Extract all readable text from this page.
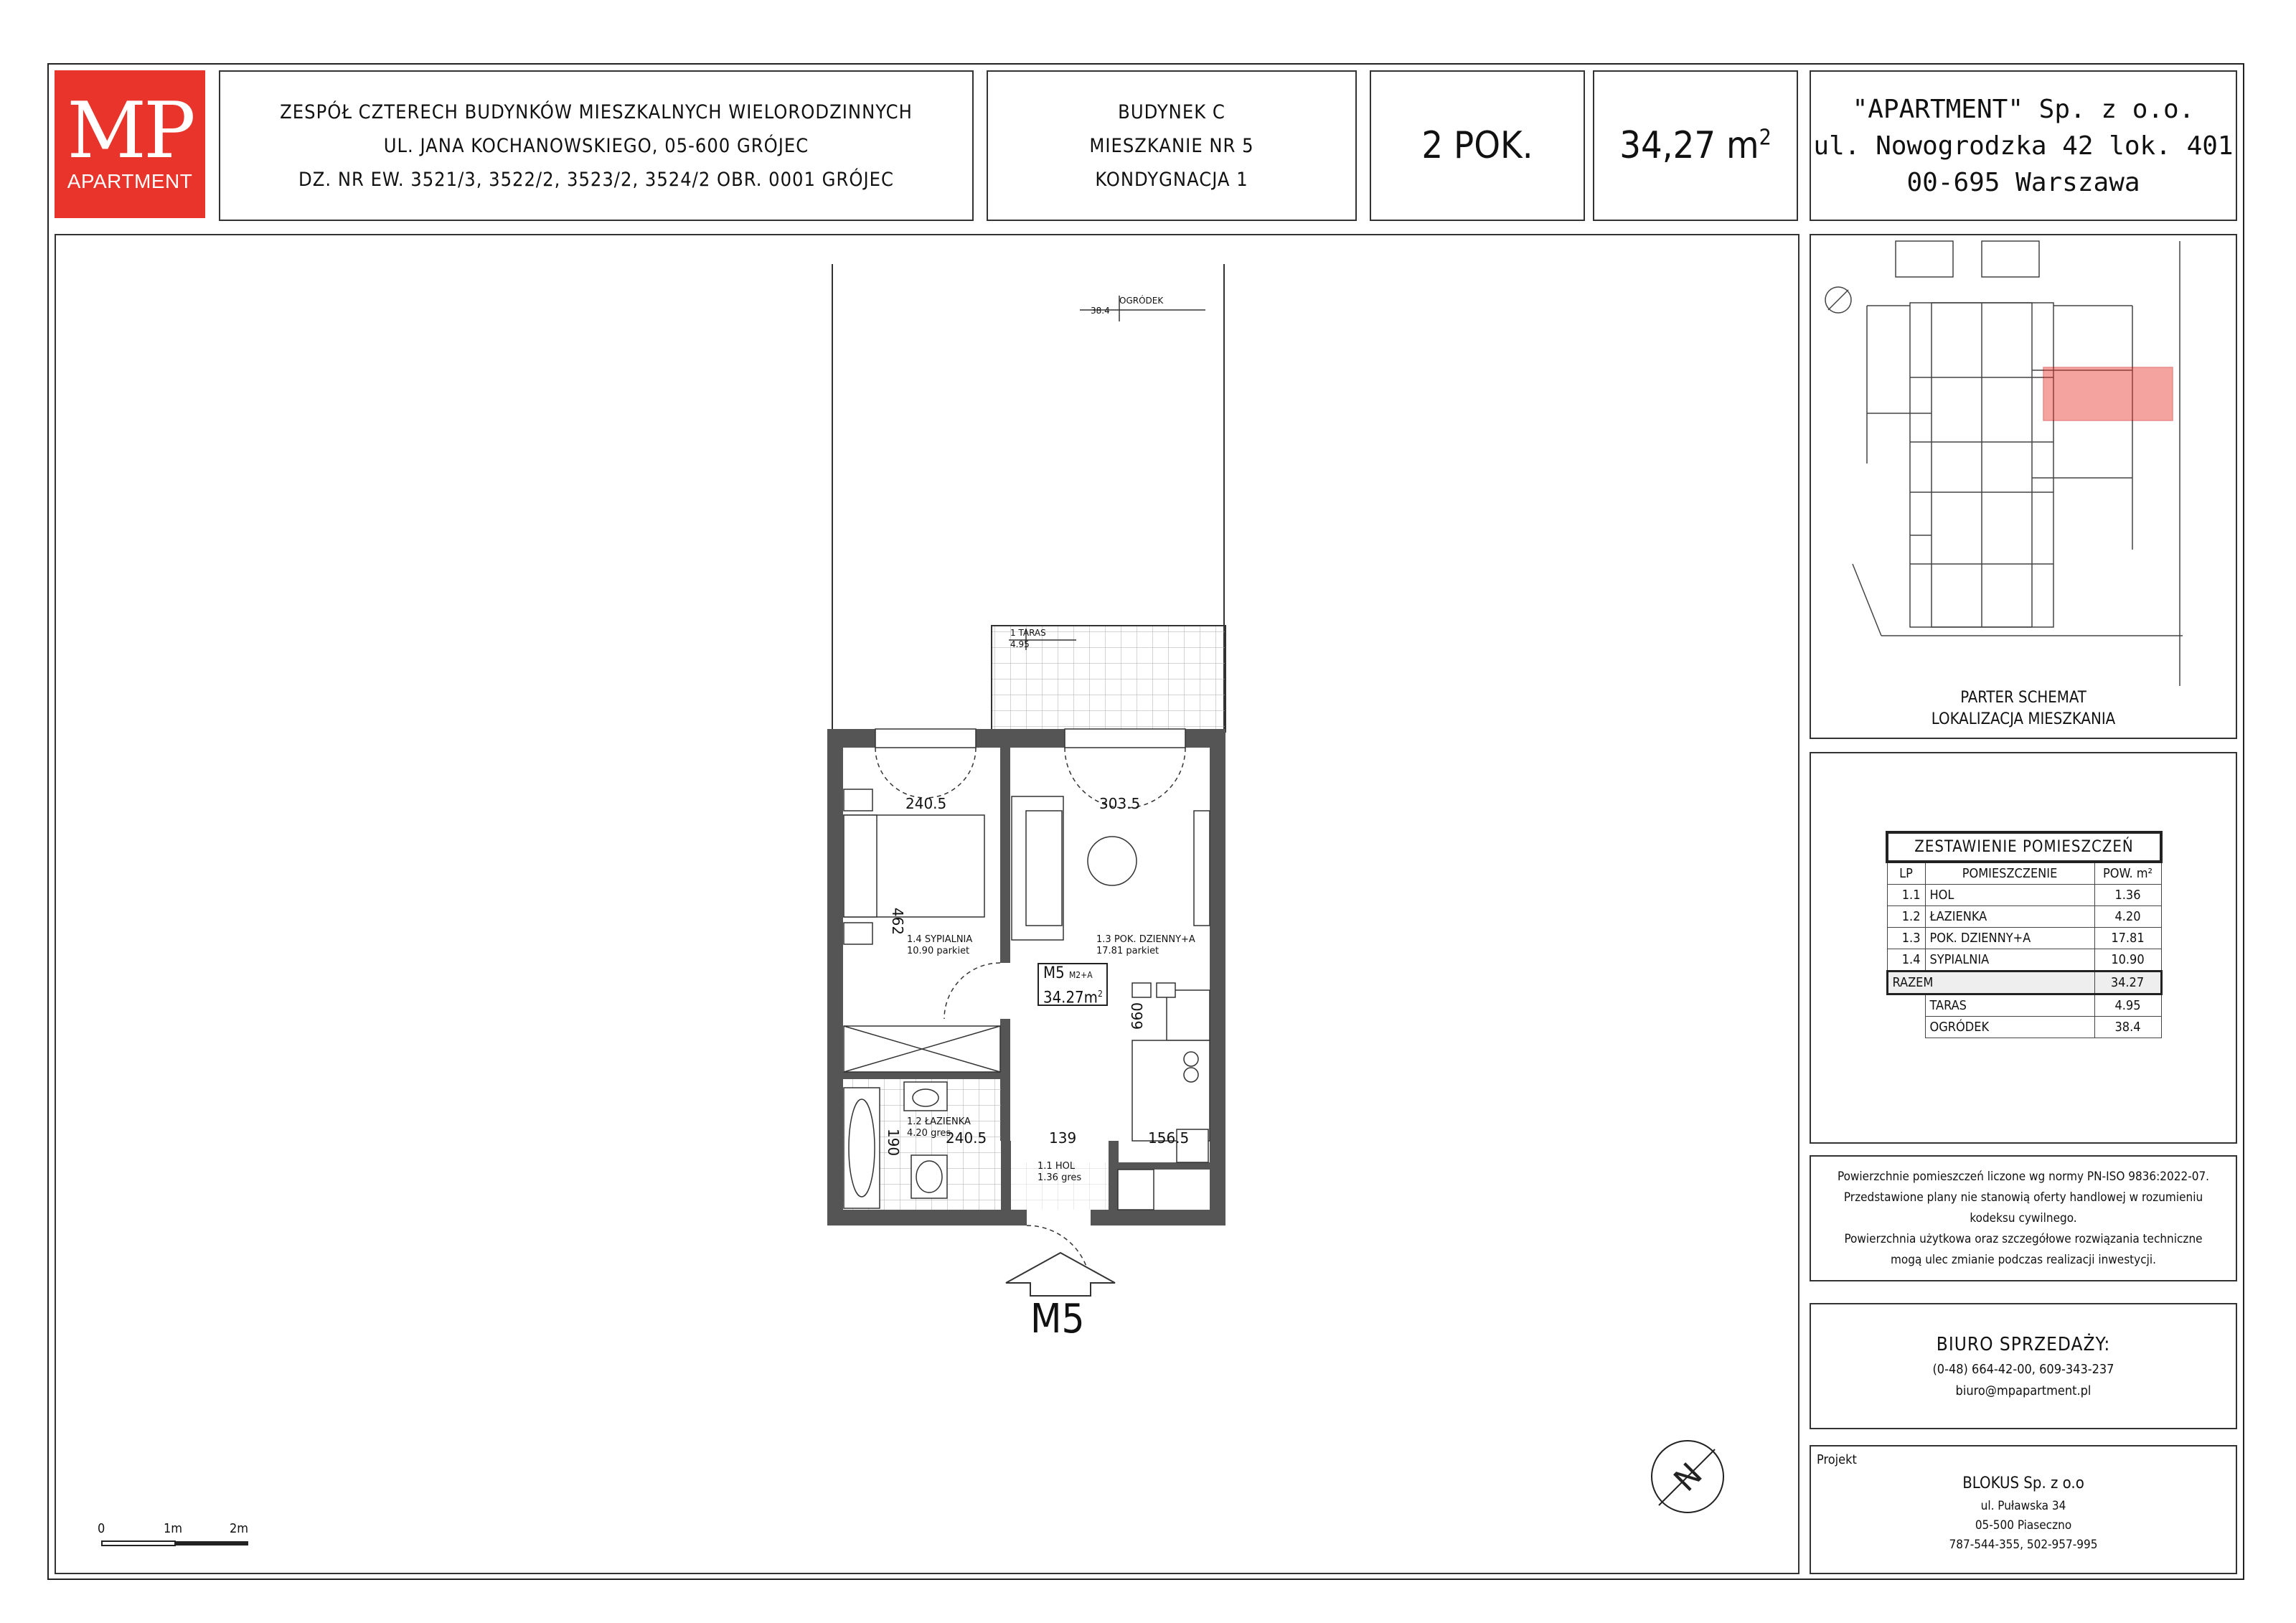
MP
APARTMENT
ZESPÓŁ CZTERECH BUDYNKÓW MIESZKALNYCH WIELORODZINNYCH
UL. JANA KOCHANOWSKIEGO, 05-600 GRÓJEC
DZ. NR EW. 3521/3, 3522/2, 3523/2, 3524/2 OBR. 0001 GRÓJEC
BUDYNEK C
MIESZKANIE NR 5
KONDYGNACJA 1
2 POK. 34,27 $m^2$
"APARTMENT" Sp. z o.o.
ul. Nowogrodzka 42 lok. 401
00-695 Warszawa
N
OGRÓDEK
38.4
1 TARAS
4.95
1.4 SYPIALNIA
10.90 parkiet
1.3 POK. DZIENNY+A
17.81 parkiet
1.2 ŁAZIENKA
4.20 gres
1.1 HOL
1.36 gres
240.5	303.5
462
660
190	240.5	139	156.5
M5 M2+A
$34.27m^2$
M5
0	1m	2m
PARTER SCHEMAT
LOKALIZACJA MIESZKANIA
ZESTAWIENIE POMIESZCZEŃ		
LP	POMIESZCZENIE	POW. m²
1.1	HOL	1.36
1.2	ŁAZIENKA	4.20
1.3	POK. DZIENNY+A	17.81
1.4	SYPIALNIA	10.90
RAZEM		34.27
	TARAS	4.95
	OGRÓDEK	38.4
Powierzchnie pomieszczeń liczone wg normy PN-ISO 9836:2022-07.
Przedstawione plany nie stanowią oferty handlowej w rozumieniu
kodeksu cywilnego.
Powierzchnia użytkowa oraz szczegółowe rozwiązania techniczne
mogą ulec zmianie podczas realizacji inwestycji.
BIURO SPRZEDAŻY:
(0-48) 664-42-00, 609-343-237
biuro@mpapartment.pl
Projekt
BLOKUS Sp. z o.o
ul. Puławska 34
05-500 Piaseczno
787-544-355, 502-957-995
